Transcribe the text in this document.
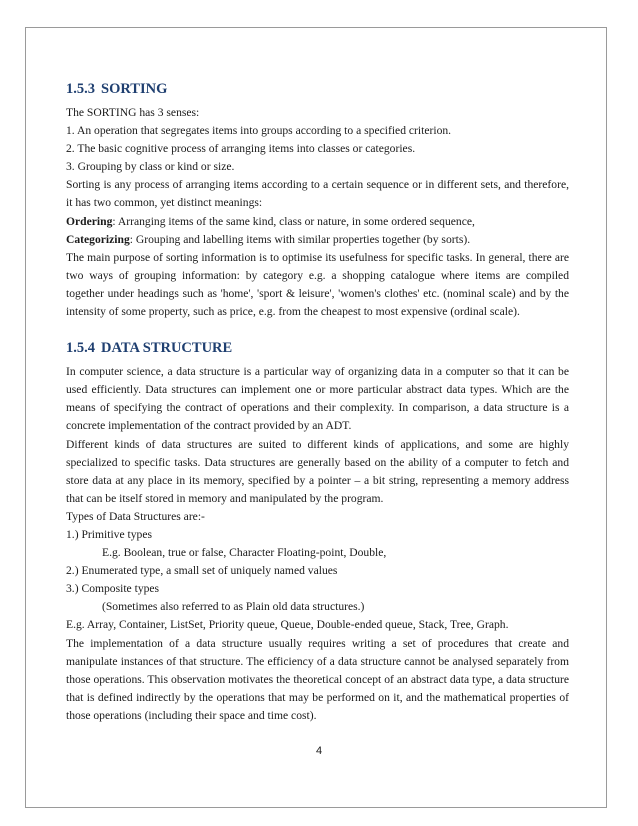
1.5.3 SORTING

The SORTING has 3 senses:

1. An operation that segregates items into groups according to a specified criterion.

2. The basic cognitive process of arranging items into classes or categories.

3. Grouping by class or kind or size.

Sorting is any process of arranging items according to a certain sequence or in different sets, and therefore, it has two common, yet distinct meanings:

Ordering: Arranging items of the same kind, class or nature, in some ordered sequence,

Categorizing: Grouping and labelling items with similar properties together (by sorts).

The main purpose of sorting information is to optimise its usefulness for specific tasks. In general, there are two ways of grouping information: by category e.g. a shopping catalogue where items are compiled together under headings such as 'home', 'sport & leisure', 'women's clothes' etc. (nominal scale) and by the intensity of some property, such as price, e.g. from the cheapest to most expensive (ordinal scale).

1.5.4 DATA STRUCTURE

In computer science, a data structure is a particular way of organizing data in a computer so that it can be used efficiently. Data structures can implement one or more particular abstract data types. Which are the means of specifying the contract of operations and their complexity. In comparison, a data structure is a concrete implementation of the contract provided by an ADT.

Different kinds of data structures are suited to different kinds of applications, and some are highly specialized to specific tasks. Data structures are generally based on the ability of a computer to fetch and store data at any place in its memory, specified by a pointer – a bit string, representing a memory address that can be itself stored in memory and manipulated by the program.

Types of Data Structures are:-

1.) Primitive types

E.g. Boolean, true or false, Character Floating-point, Double,

2.) Enumerated type, a small set of uniquely named values

3.) Composite types

(Sometimes also referred to as Plain old data structures.)

E.g. Array, Container, ListSet, Priority queue, Queue, Double-ended queue, Stack, Tree, Graph.

The implementation of a data structure usually requires writing a set of procedures that create and manipulate instances of that structure. The efficiency of a data structure cannot be analysed separately from those operations. This observation motivates the theoretical concept of an abstract data type, a data structure that is defined indirectly by the operations that may be performed on it, and the mathematical properties of those operations (including their space and time cost).

4
